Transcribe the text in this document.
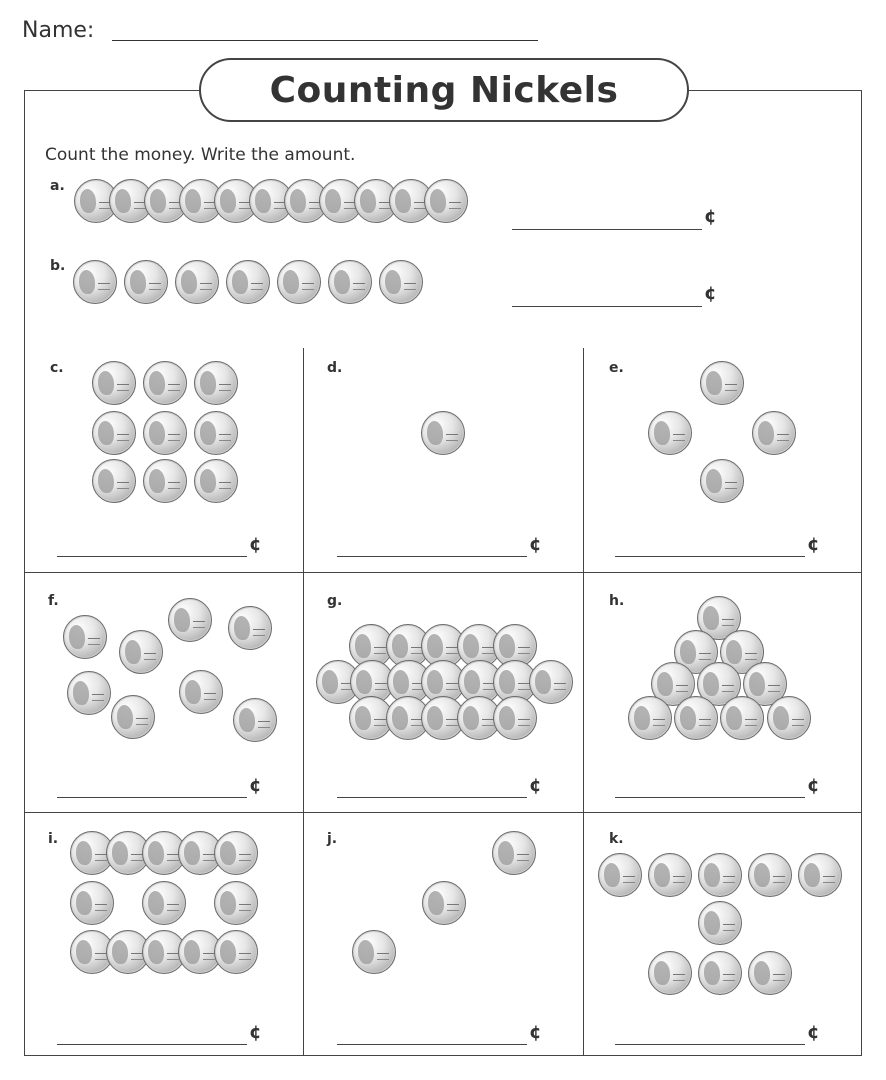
Name:
Counting Nickels
Count the money. Write the amount.
a.
b.
c.	d.	e.
f.	g.	h.
i.	j.	k.
¢
¢
¢	¢	¢
¢	¢	¢
¢	¢	¢
